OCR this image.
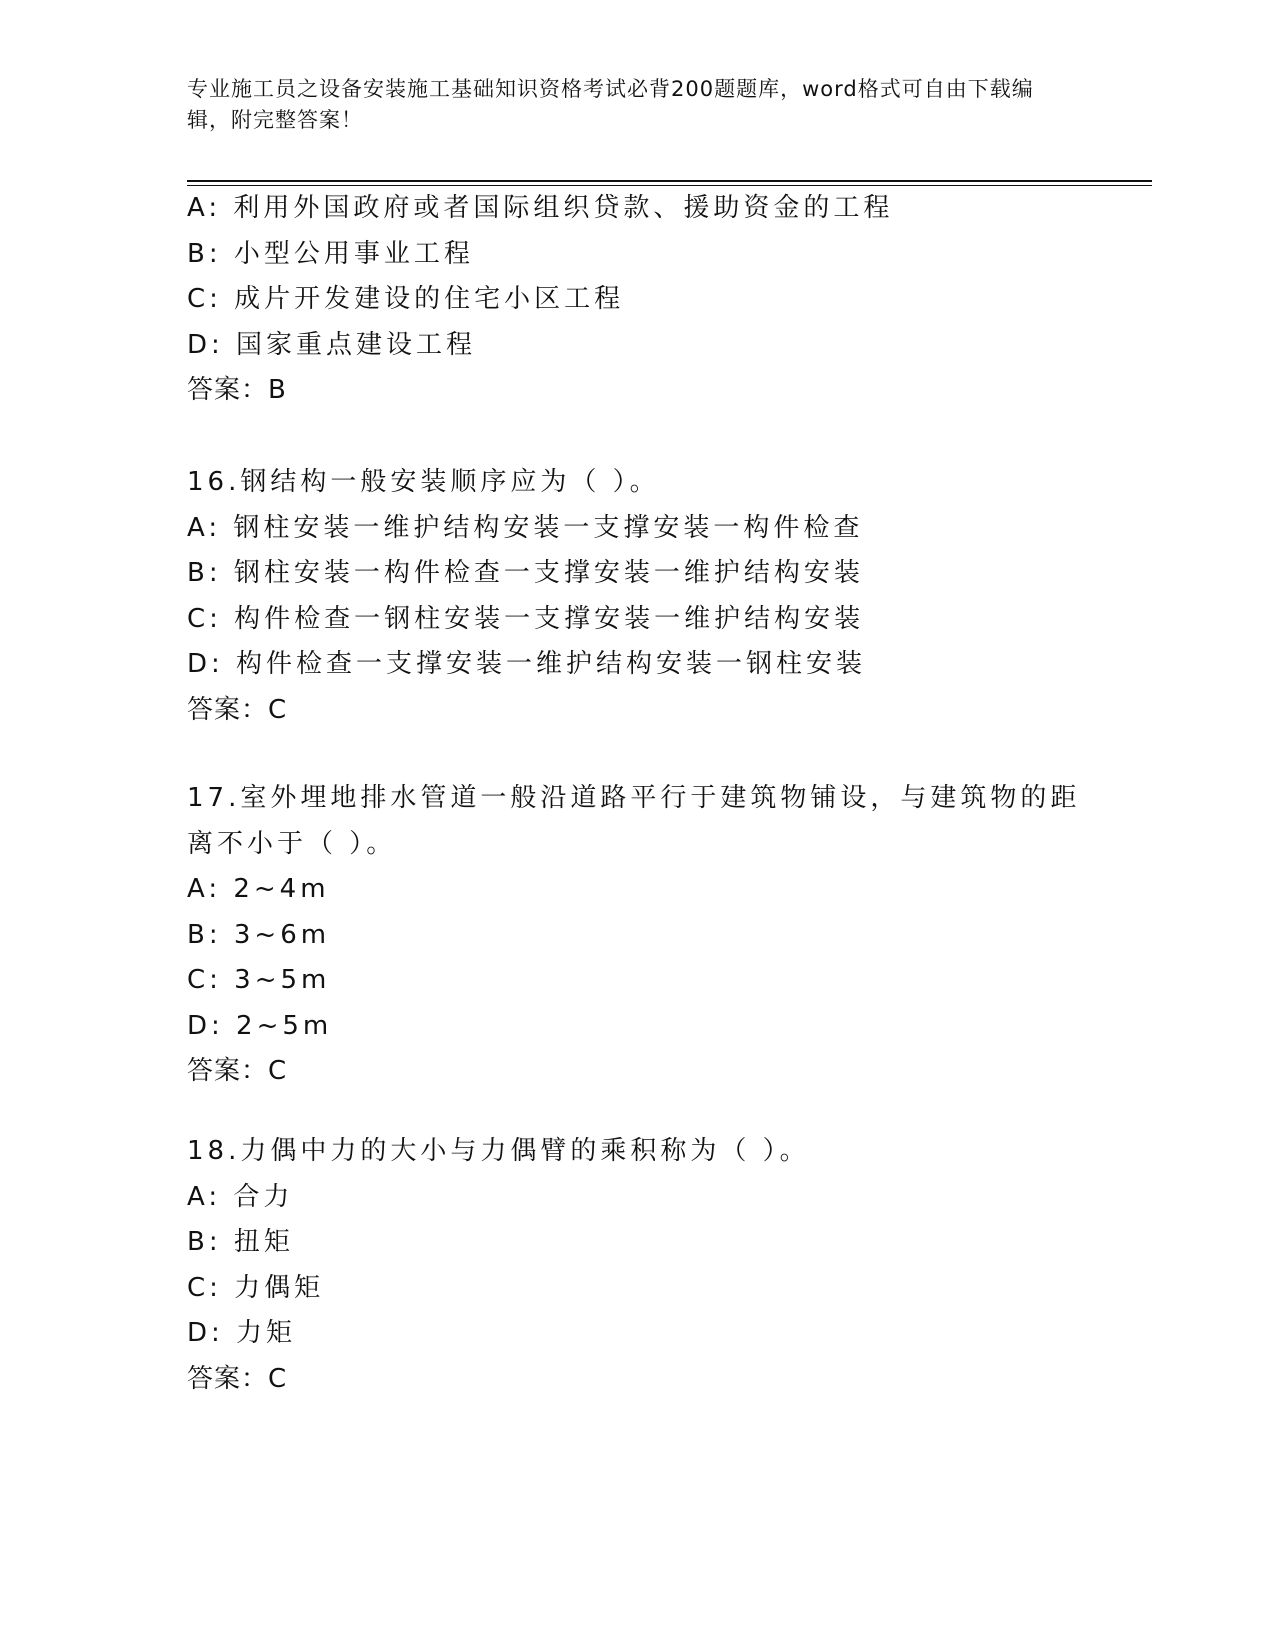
专业施工员之设备安装施工基础知识资格考试必背200题题库，word格式可自由下载编辑，附完整答案！
A: 利用外国政府或者国际组织贷款、援助资金的工程
B: 小型公用事业工程
C: 成片开发建设的住宅小区工程
D: 国家重点建设工程
答案：B
16.钢结构一般安装顺序应为（ ）。
A: 钢柱安装一维护结构安装一支撑安装一构件检查
B: 钢柱安装一构件检查一支撑安装一维护结构安装
C: 构件检查一钢柱安装一支撑安装一维护结构安装
D: 构件检查一支撑安装一维护结构安装一钢柱安装
答案：C
17.室外埋地排水管道一般沿道路平行于建筑物铺设，与建筑物的距离不小于（ ）。
A: 2~4m
B: 3~6m
C: 3~5m
D: 2~5m
答案：C
18.力偶中力的大小与力偶臂的乘积称为（ ）。
A: 合力
B: 扭矩
C: 力偶矩
D: 力矩
答案：C
